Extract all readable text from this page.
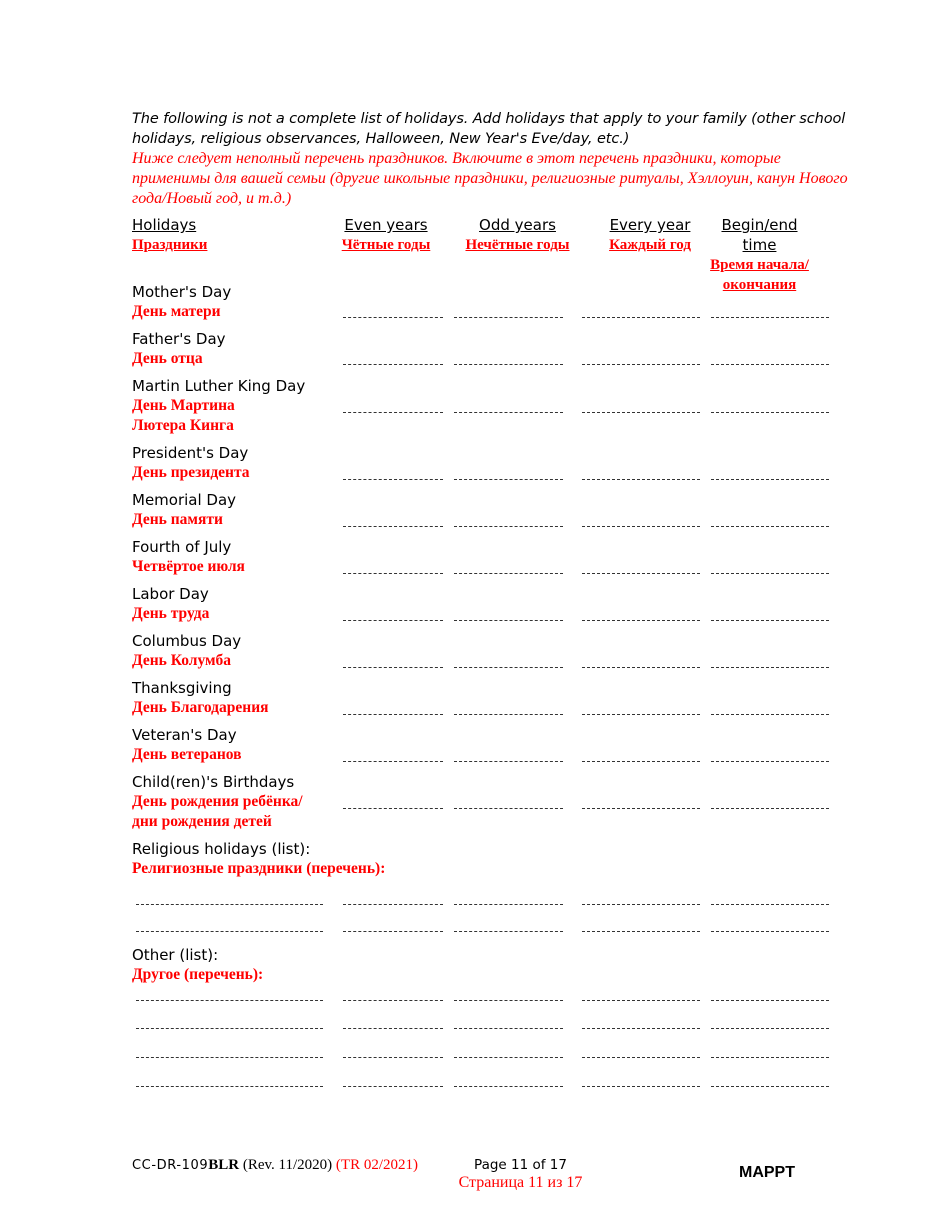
The following is not a complete list of holidays. Add holidays that apply to your family (other school holidays, religious observances, Halloween, New Year's Eve/day, etc.)
Ниже следует неполный перечень праздников. Включите в этот перечень праздники, которые применимы для вашей семьи (другие школьные праздники, религиозные ритуалы, Хэллоуин, канун Нового года/Новый год, и т.д.)
Holidays
Праздники
Even years
Чётные годы
Odd years
Нечётные годы
Every year
Каждый год
Begin/end time
Время начала/ окончания
Mother's Day
День матери
Father's Day
День отца
Martin Luther King Day
День Мартина Лютера Кинга
President's Day
День президента
Memorial Day
День памяти
Fourth of July
Четвёртое июля
Labor Day
День труда
Columbus Day
День Колумба
Thanksgiving
День Благодарения
Veteran's Day
День ветеранов
Child(ren)'s Birthdays
День рождения ребёнка/ дни рождения детей
Religious holidays (list):
Религиозные праздники (перечень):
Other (list):
Другое (перечень):
CC-DR-109BLR (Rev. 11/2020) (TR 02/2021)	Page 11 of 17
Страница 11 из 17
MAPPT
